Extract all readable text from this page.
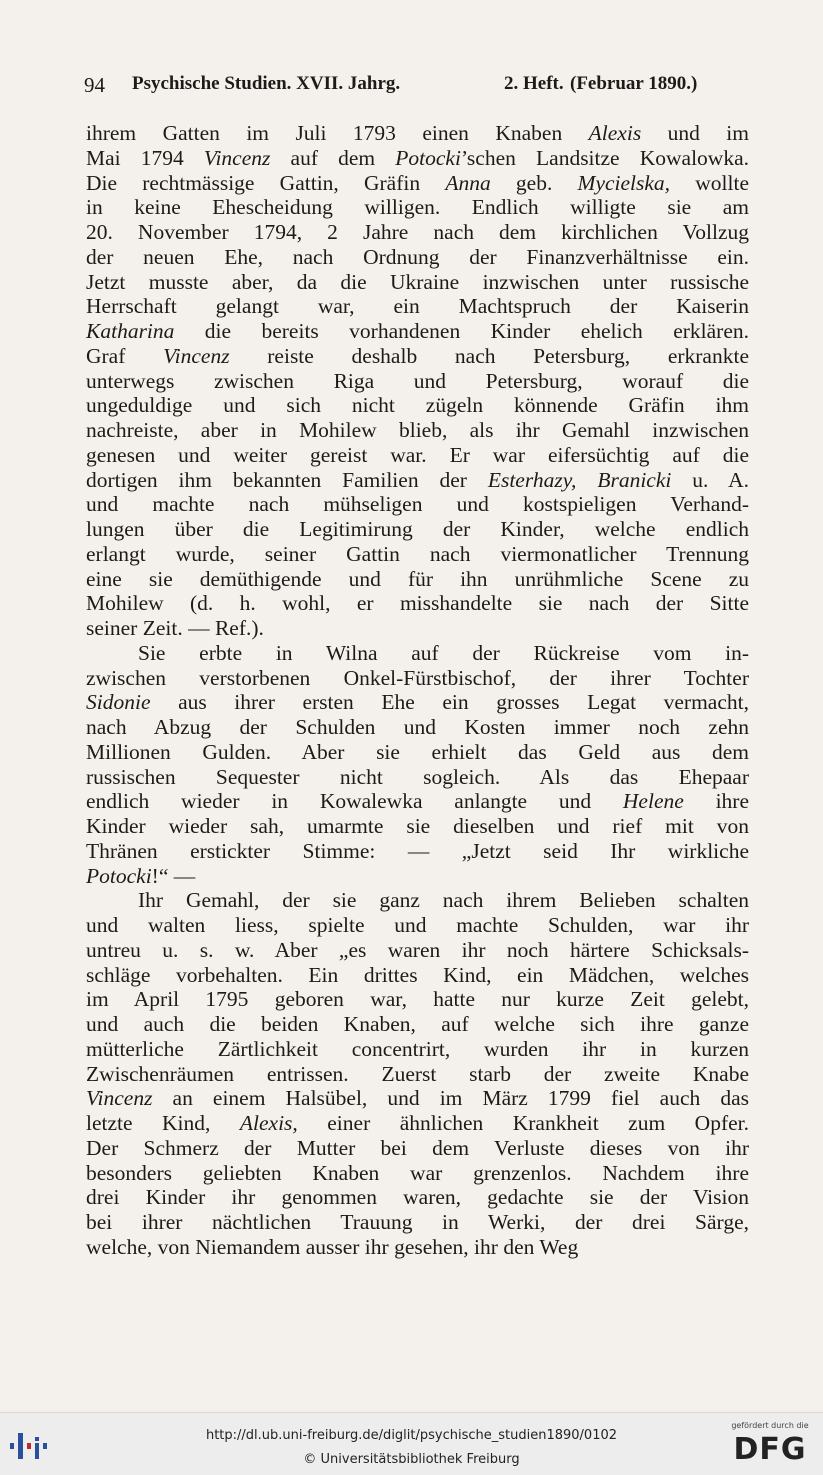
94 Psychische Studien. XVII. Jahrg.	2. Heft. (Februar 1890.)
ihrem Gatten im Juli 1793 einen Knaben Alexis und im
Mai 1794 Vincenz auf dem Potocki’schen Landsitze Kowalowka.
Die rechtmässige Gattin, Gräfin Anna geb. Mycielska, wollte
in keine Ehescheidung willigen. Endlich willigte sie am
20. November 1794, 2 Jahre nach dem kirchlichen Vollzug
der neuen Ehe, nach Ordnung der Finanzverhältnisse ein.
Jetzt musste aber, da die Ukraine inzwischen unter russische
Herrschaft gelangt war, ein Machtspruch der Kaiserin
Katharina die bereits vorhandenen Kinder ehelich erklären.
Graf Vincenz reiste deshalb nach Petersburg, erkrankte
unterwegs zwischen Riga und Petersburg, worauf die
ungeduldige und sich nicht zügeln könnende Gräfin ihm
nachreiste, aber in Mohilew blieb, als ihr Gemahl inzwischen
genesen und weiter gereist war. Er war eifersüchtig auf die
dortigen ihm bekannten Familien der Esterhazy, Branicki u. A.
und machte nach mühseligen und kostspieligen Verhand-
lungen über die Legitimirung der Kinder, welche endlich
erlangt wurde, seiner Gattin nach viermonatlicher Trennung
eine sie demüthigende und für ihn unrühmliche Scene zu
Mohilew (d. h. wohl, er misshandelte sie nach der Sitte
seiner Zeit. — Ref.).
Sie erbte in Wilna auf der Rückreise vom in-
zwischen verstorbenen Onkel-Fürstbischof, der ihrer Tochter
Sidonie aus ihrer ersten Ehe ein grosses Legat vermacht,
nach Abzug der Schulden und Kosten immer noch zehn
Millionen Gulden. Aber sie erhielt das Geld aus dem
russischen Sequester nicht sogleich. Als das Ehepaar
endlich wieder in Kowalewka anlangte und Helene ihre
Kinder wieder sah, umarmte sie dieselben und rief mit von
Thränen erstickter Stimme: — „Jetzt seid Ihr wirkliche
Potocki!“ —
Ihr Gemahl, der sie ganz nach ihrem Belieben schalten
und walten liess, spielte und machte Schulden, war ihr
untreu u. s. w. Aber „es waren ihr noch härtere Schicksals-
schläge vorbehalten. Ein drittes Kind, ein Mädchen, welches
im April 1795 geboren war, hatte nur kurze Zeit gelebt,
und auch die beiden Knaben, auf welche sich ihre ganze
mütterliche Zärtlichkeit concentrirt, wurden ihr in kurzen
Zwischenräumen entrissen. Zuerst starb der zweite Knabe
Vincenz an einem Halsübel, und im März 1799 fiel auch das
letzte Kind, Alexis, einer ähnlichen Krankheit zum Opfer.
Der Schmerz der Mutter bei dem Verluste dieses von ihr
besonders geliebten Knaben war grenzenlos. Nachdem ihre
drei Kinder ihr genommen waren, gedachte sie der Vision
bei ihrer nächtlichen Trauung in Werki, der drei Särge,
welche, von Niemandem ausser ihr gesehen, ihr den Weg
http://dl.ub.uni-freiburg.de/diglit/psychische_studien1890/0102
© Universitätsbibliothek Freiburg
gefördert durch die
DFG
